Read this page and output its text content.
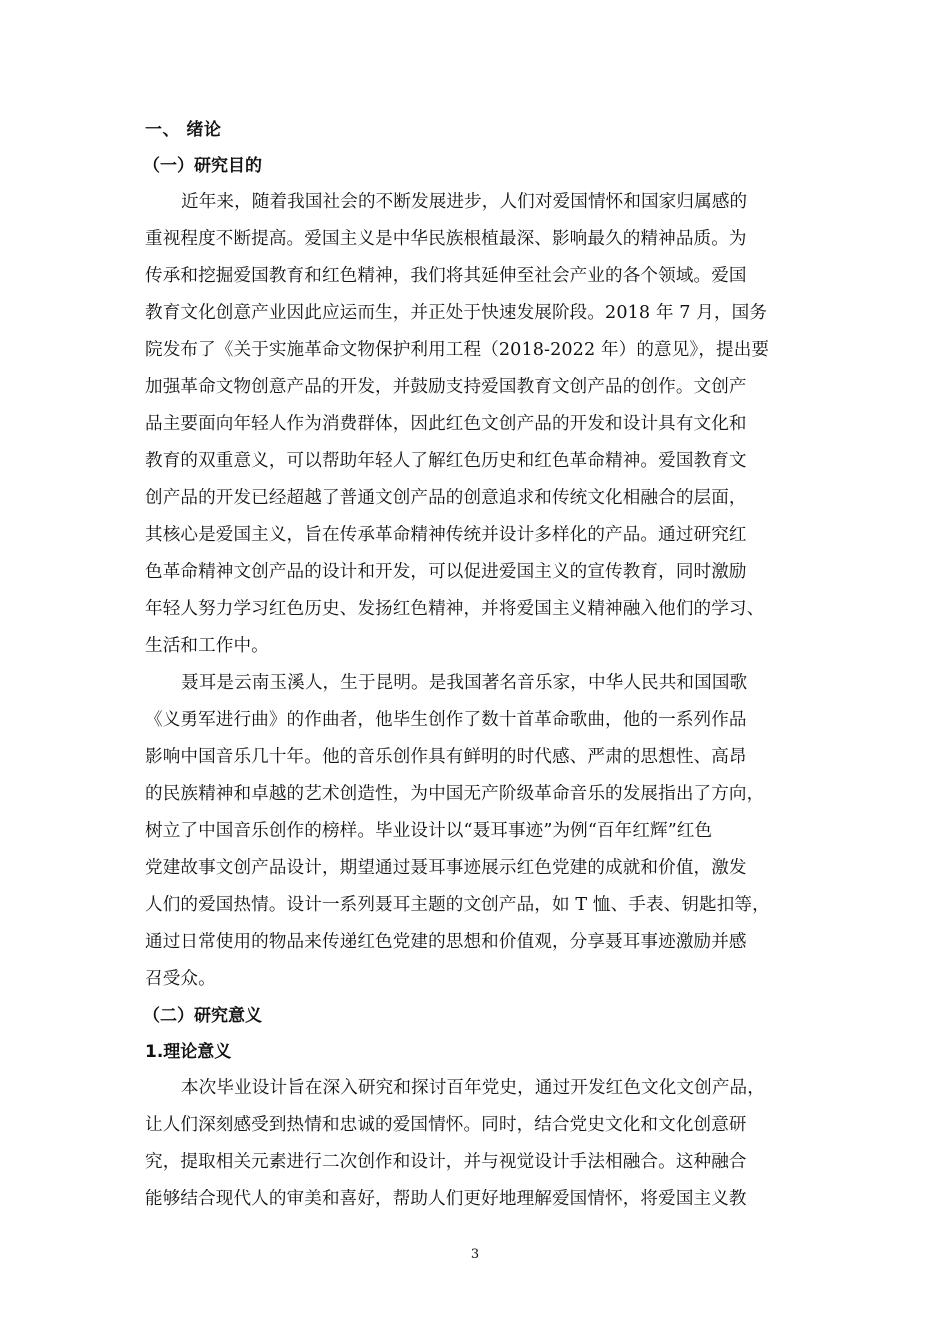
一、 绪论
（一）研究目的

近年来，随着我国社会的不断发展进步，人们对爱国情怀和国家归属感的
重视程度不断提高。爱国主义是中华民族根植最深、影响最久的精神品质。为
传承和挖掘爱国教育和红色精神，我们将其延伸至社会产业的各个领域。爱国
教育文化创意产业因此应运而生，并正处于快速发展阶段。2018 年 7 月，国务
院发布了《关于实施革命文物保护利用工程（2018-2022 年）的意见》，提出要
加强革命文物创意产品的开发，并鼓励支持爱国教育文创产品的创作。文创产
品主要面向年轻人作为消费群体，因此红色文创产品的开发和设计具有文化和
教育的双重意义，可以帮助年轻人了解红色历史和红色革命精神。爱国教育文
创产品的开发已经超越了普通文创产品的创意追求和传统文化相融合的层面，
其核心是爱国主义，旨在传承革命精神传统并设计多样化的产品。通过研究红
色革命精神文创产品的设计和开发，可以促进爱国主义的宣传教育，同时激励
年轻人努力学习红色历史、发扬红色精神，并将爱国主义精神融入他们的学习、
生活和工作中。

聂耳是云南玉溪人，生于昆明。是我国著名音乐家，中华人民共和国国歌
《义勇军进行曲》的作曲者，他毕生创作了数十首革命歌曲，他的一系列作品
影响中国音乐几十年。他的音乐创作具有鲜明的时代感、严肃的思想性、高昂
的民族精神和卓越的艺术创造性，为中国无产阶级革命音乐的发展指出了方向，
树立了中国音乐创作的榜样。毕业设计以“聂耳事迹”为例“百年红辉”红色
党建故事文创产品设计，期望通过聂耳事迹展示红色党建的成就和价值，激发
人们的爱国热情。设计一系列聂耳主题的文创产品，如 T 恤、手表、钥匙扣等，
通过日常使用的物品来传递红色党建的思想和价值观，分享聂耳事迹激励并感
召受众。

（二）研究意义
1.理论意义

本次毕业设计旨在深入研究和探讨百年党史，通过开发红色文化文创产品，
让人们深刻感受到热情和忠诚的爱国情怀。同时，结合党史文化和文化创意研
究，提取相关元素进行二次创作和设计，并与视觉设计手法相融合。这种融合
能够结合现代人的审美和喜好，帮助人们更好地理解爱国情怀，将爱国主义教

3
